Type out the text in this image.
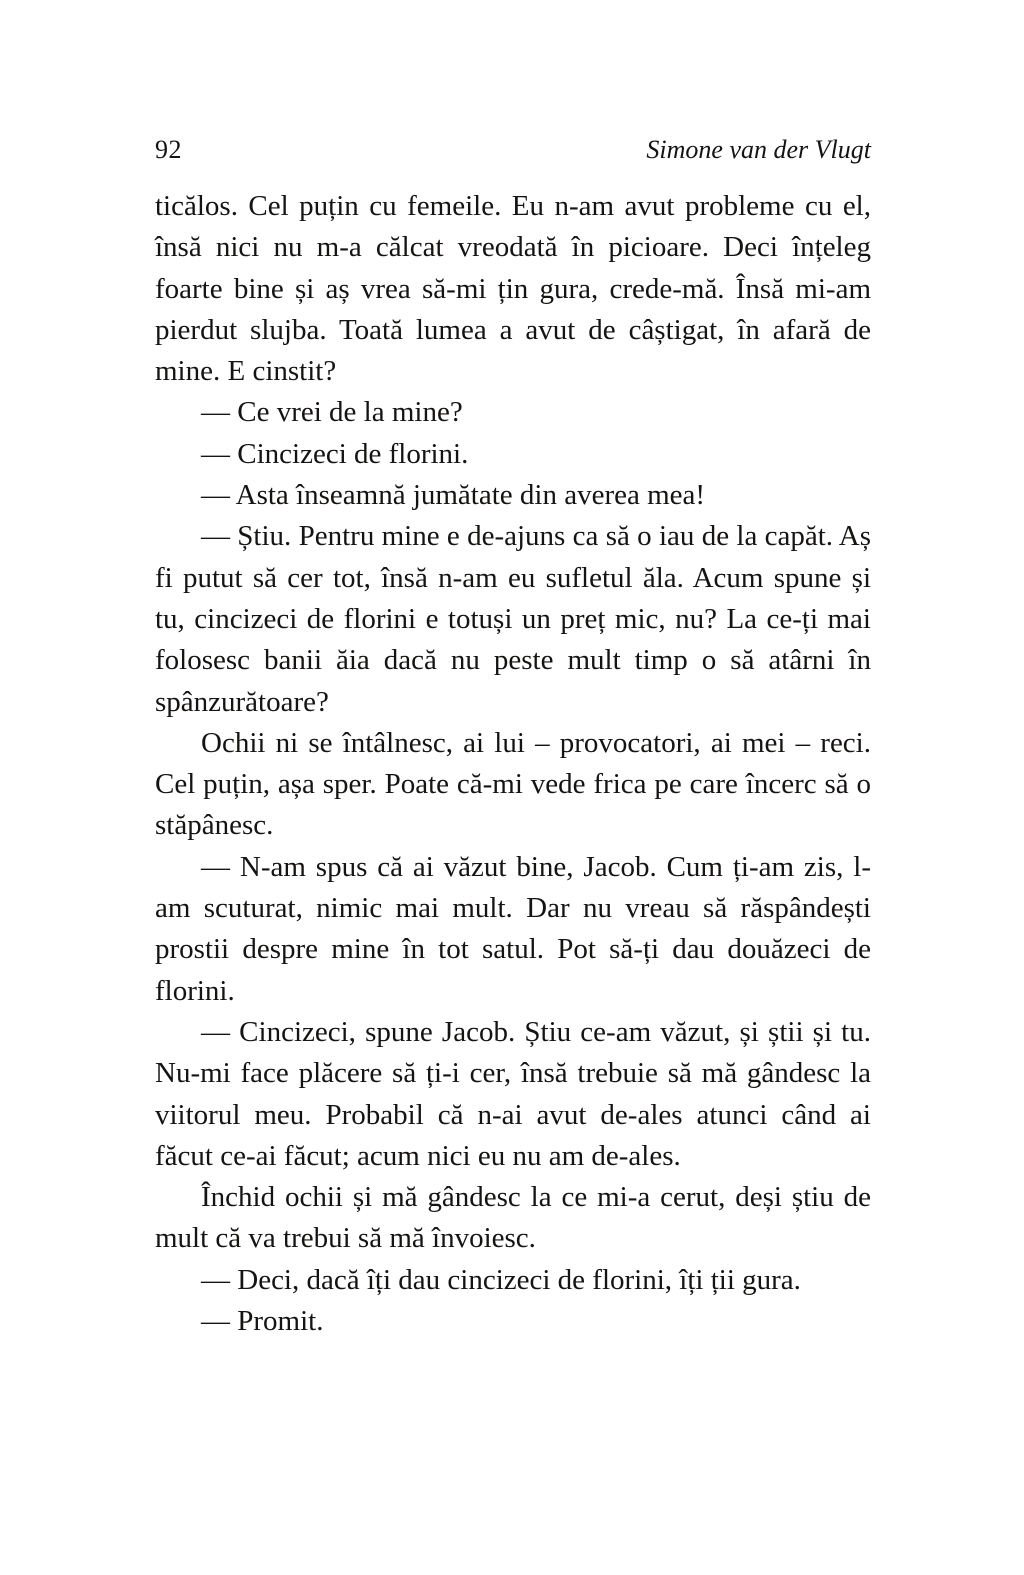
92	Simone van der Vlugt

ticălos. Cel puțin cu femeile. Eu n-am avut probleme cu el, însă nici nu m-a călcat vreodată în picioare. Deci înțeleg foarte bine și aș vrea să-mi țin gura, crede-mă. Însă mi-am pierdut slujba. Toată lumea a avut de câștigat, în afară de mine. E cinstit?

— Ce vrei de la mine?

— Cincizeci de florini.

— Asta înseamnă jumătate din averea mea!

— Știu. Pentru mine e de-ajuns ca să o iau de la capăt. Aș fi putut să cer tot, însă n-am eu sufletul ăla. Acum spune și tu, cincizeci de florini e totuși un preț mic, nu? La ce-ți mai folosesc banii ăia dacă nu peste mult timp o să atârni în spânzurătoare?

Ochii ni se întâlnesc, ai lui – provocatori, ai mei – reci. Cel puțin, așa sper. Poate că-mi vede frica pe care încerc să o stăpânesc.

— N-am spus că ai văzut bine, Jacob. Cum ți-am zis, l-am scuturat, nimic mai mult. Dar nu vreau să răspândești prostii despre mine în tot satul. Pot să-ți dau douăzeci de florini.

— Cincizeci, spune Jacob. Știu ce-am văzut, și știi și tu. Nu-mi face plăcere să ți-i cer, însă trebuie să mă gândesc la viitorul meu. Probabil că n-ai avut de-ales atunci când ai făcut ce-ai făcut; acum nici eu nu am de-ales.

Închid ochii și mă gândesc la ce mi-a cerut, deși știu de mult că va trebui să mă învoiesc.

— Deci, dacă îți dau cincizeci de florini, îți ții gura.

— Promit.
